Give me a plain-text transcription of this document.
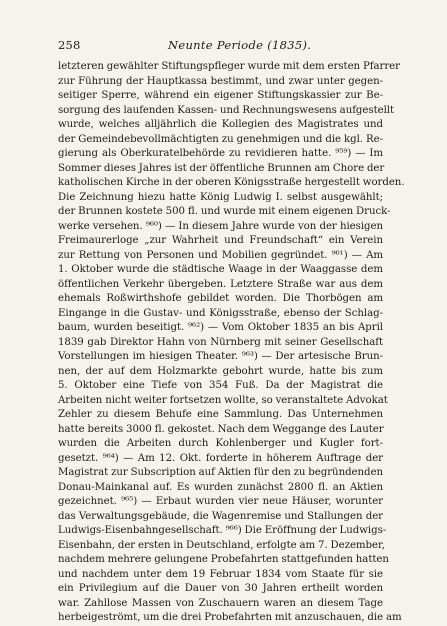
258	Neunte Periode (1835).
letzteren gewählter Stiftungspfleger wurde mit dem ersten Pfarrer
zur Führung der Hauptkassa bestimmt, und zwar unter gegen-
seitiger Sperre, während ein eigener Stiftungskassier zur Be-
sorgung des laufenden Kassen- und Rechnungswesens aufgestellt
wurde, welches alljährlich die Kollegien des Magistrates und
der Gemeindebevollmächtigten zu genehmigen und die kgl. Re-
gierung als Oberkuratelbehörde zu revidieren hatte. ⁹⁵⁹) — Im
Sommer dieses Jahres ist der öffentliche Brunnen am Chore der
katholischen Kirche in der oberen Königsstraße hergestellt worden.
Die Zeichnung hiezu hatte König Ludwig I. selbst ausgewählt;
der Brunnen kostete 500 fl. und wurde mit einem eigenen Druck-
werke versehen. ⁹⁶⁰) — In diesem Jahre wurde von der hiesigen
Freimaurerloge „zur Wahrheit und Freundschaft“ ein Verein
zur Rettung von Personen und Mobilien gegründet. ⁹⁶¹) — Am
1. Oktober wurde die städtische Waage in der Waaggasse dem
öffentlichen Verkehr übergeben. Letztere Straße war aus dem
ehemals Roßwirthshofe gebildet worden. Die Thorbögen am
Eingange in die Gustav- und Königsstraße, ebenso der Schlag-
baum, wurden beseitigt. ⁹⁶²) — Vom Oktober 1835 an bis April
1839 gab Direktor Hahn von Nürnberg mit seiner Gesellschaft
Vorstellungen im hiesigen Theater. ⁹⁶³) — Der artesische Brun-
nen, der auf dem Holzmarkte gebohrt wurde, hatte bis zum
5. Oktober eine Tiefe von 354 Fuß. Da der Magistrat die
Arbeiten nicht weiter fortsetzen wollte, so veranstaltete Advokat
Zehler zu diesem Behufe eine Sammlung. Das Unternehmen
hatte bereits 3000 fl. gekostet. Nach dem Weggange des Lauter
wurden die Arbeiten durch Kohlenberger und Kugler fort-
gesetzt. ⁹⁶⁴) — Am 12. Okt. forderte in höherem Auftrage der
Magistrat zur Subscription auf Aktien für den zu begründenden
Donau-Mainkanal auf. Es wurden zunächst 2800 fl. an Aktien
gezeichnet. ⁹⁶⁵) — Erbaut wurden vier neue Häuser, worunter
das Verwaltungsgebäude, die Wagenremise und Stallungen der
Ludwigs-Eisenbahngesellschaft. ⁹⁶⁶) Die Eröffnung der Ludwigs-
Eisenbahn, der ersten in Deutschland, erfolgte am 7. Dezember,
nachdem mehrere gelungene Probefahrten stattgefunden hatten
und nachdem unter dem 19 Februar 1834 vom Staate für sie
ein Privilegium auf die Dauer von 30 Jahren ertheilt worden
war. Zahllose Massen von Zuschauern waren an diesem Tage
herbeigeströmt, um die drei Probefahrten mit anzuschauen, die am
